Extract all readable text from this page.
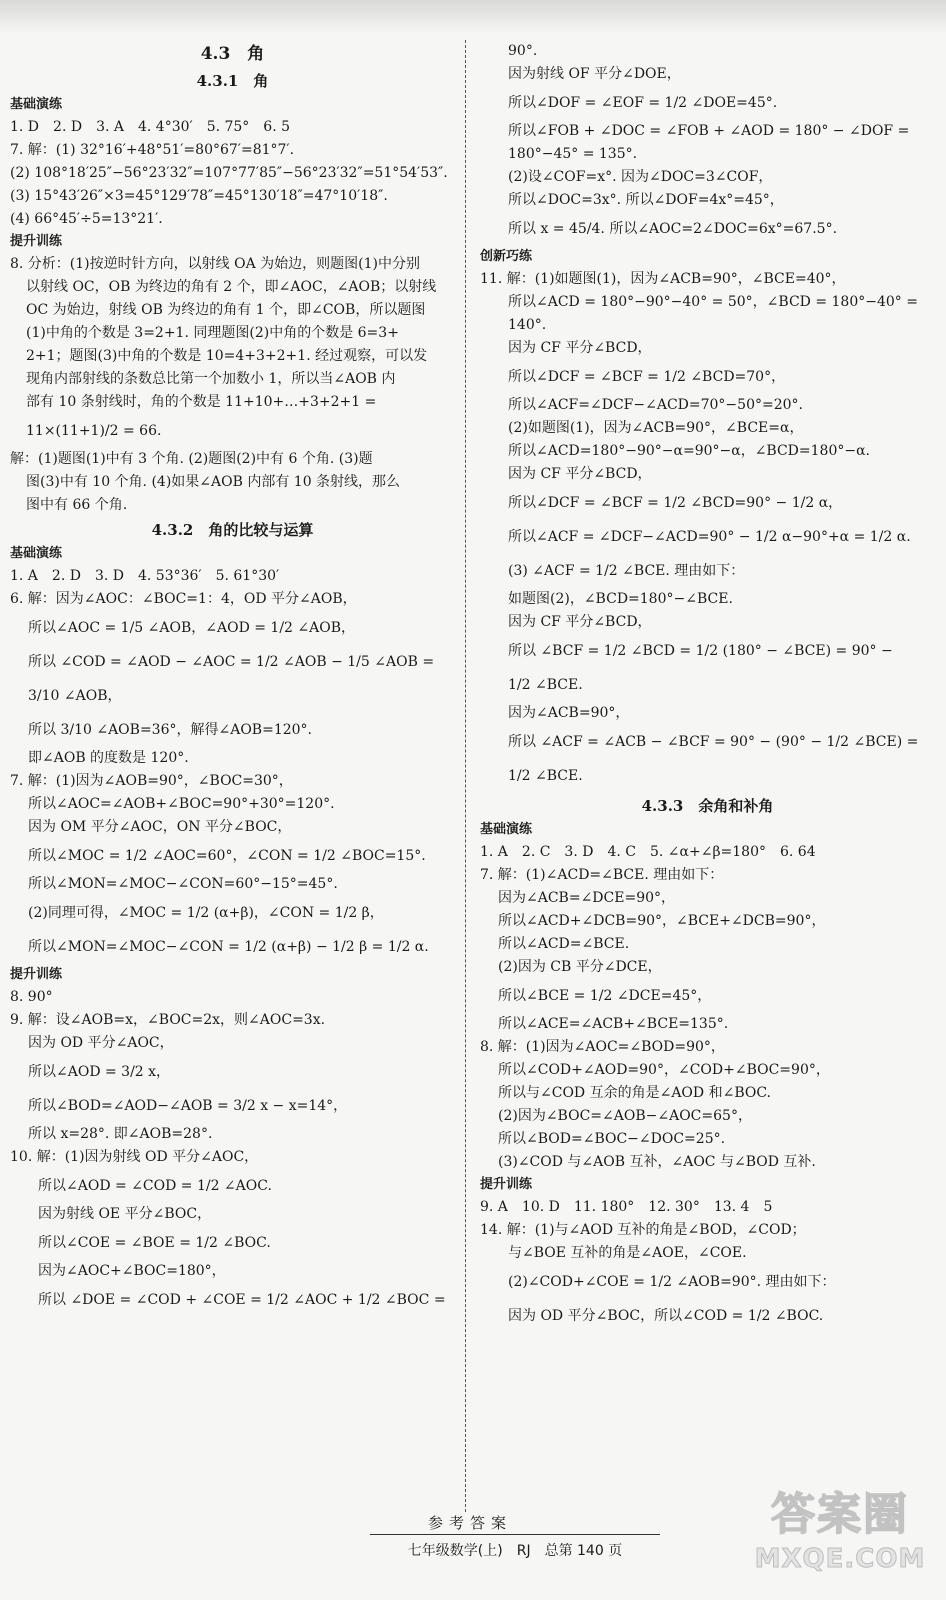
4.3　角
4.3.1　角
基础演练
1. D　2. D　3. A　4. 4°30′　5. 75°　6. 5
7. 解：(1) 32°16′+48°51′=80°67′=81°7′.
(2) 108°18′25″−56°23′32″=107°77′85″−56°23′32″=51°54′53″.
(3) 15°43′26″×3=45°129′78″=45°130′18″=47°10′18″.
(4) 66°45′÷5=13°21′.
提升训练
8. 分析：(1)按逆时针方向，以射线 OA 为始边，则题图(1)中分别
以射线 OC，OB 为终边的角有 2 个，即∠AOC，∠AOB；以射线
OC 为始边，射线 OB 为终边的角有 1 个，即∠COB，所以题图
(1)中角的个数是 3=2+1. 同理题图(2)中角的个数是 6=3+
2+1；题图(3)中角的个数是 10=4+3+2+1. 经过观察，可以发
现角内部射线的条数总比第一个加数小 1，所以当∠AOB 内
部有 10 条射线时，角的个数是 11+10+…+3+2+1 =
11×(11+1)/2 = 66.
解：(1)题图(1)中有 3 个角. (2)题图(2)中有 6 个角. (3)题
图(3)中有 10 个角. (4)如果∠AOB 内部有 10 条射线，那么
图中有 66 个角.
4.3.2　角的比较与运算
基础演练
1. A　2. D　3. D　4. 53°36′　5. 61°30′
6. 解：因为∠AOC：∠BOC=1：4，OD 平分∠AOB，
所以∠AOC = 1/5 ∠AOB，∠AOD = 1/2 ∠AOB，
所以 ∠COD = ∠AOD − ∠AOC = 1/2 ∠AOB − 1/5 ∠AOB =
3/10 ∠AOB，
所以 3/10 ∠AOB=36°，解得∠AOB=120°.
即∠AOB 的度数是 120°.
7. 解：(1)因为∠AOB=90°，∠BOC=30°，
所以∠AOC=∠AOB+∠BOC=90°+30°=120°.
因为 OM 平分∠AOC，ON 平分∠BOC，
所以∠MOC = 1/2 ∠AOC=60°，∠CON = 1/2 ∠BOC=15°.
所以∠MON=∠MOC−∠CON=60°−15°=45°.
(2)同理可得，∠MOC = 1/2 (α+β)，∠CON = 1/2 β，
所以∠MON=∠MOC−∠CON = 1/2 (α+β) − 1/2 β = 1/2 α.
提升训练
8. 90°
9. 解：设∠AOB=x，∠BOC=2x，则∠AOC=3x.
因为 OD 平分∠AOC，
所以∠AOD = 3/2 x，
所以∠BOD=∠AOD−∠AOB = 3/2 x − x=14°，
所以 x=28°. 即∠AOB=28°.
10. 解：(1)因为射线 OD 平分∠AOC，
所以∠AOD = ∠COD = 1/2 ∠AOC.
因为射线 OE 平分∠BOC，
所以∠COE = ∠BOE = 1/2 ∠BOC.
因为∠AOC+∠BOC=180°，
所以 ∠DOE = ∠COD + ∠COE = 1/2 ∠AOC + 1/2 ∠BOC =
90°.
因为射线 OF 平分∠DOE，
所以∠DOF = ∠EOF = 1/2 ∠DOE=45°.
所以∠FOB + ∠DOC = ∠FOB + ∠AOD = 180° − ∠DOF =
180°−45° = 135°.
(2)设∠COF=x°. 因为∠DOC=3∠COF，
所以∠DOC=3x°. 所以∠DOF=4x°=45°，
所以 x = 45/4. 所以∠AOC=2∠DOC=6x°=67.5°.
创新巧练
11. 解：(1)如题图(1)，因为∠ACB=90°，∠BCE=40°，
所以∠ACD = 180°−90°−40° = 50°，∠BCD = 180°−40° =
140°.
因为 CF 平分∠BCD，
所以∠DCF = ∠BCF = 1/2 ∠BCD=70°，
所以∠ACF=∠DCF−∠ACD=70°−50°=20°.
(2)如题图(1)，因为∠ACB=90°，∠BCE=α，
所以∠ACD=180°−90°−α=90°−α，∠BCD=180°−α.
因为 CF 平分∠BCD，
所以∠DCF = ∠BCF = 1/2 ∠BCD=90° − 1/2 α，
所以∠ACF = ∠DCF−∠ACD=90° − 1/2 α−90°+α = 1/2 α.
(3) ∠ACF = 1/2 ∠BCE. 理由如下：
如题图(2)，∠BCD=180°−∠BCE.
因为 CF 平分∠BCD，
所以 ∠BCF = 1/2 ∠BCD = 1/2 (180° − ∠BCE) = 90° −
1/2 ∠BCE.
因为∠ACB=90°，
所以 ∠ACF = ∠ACB − ∠BCF = 90° − (90° − 1/2 ∠BCE) =
1/2 ∠BCE.
4.3.3　余角和补角
基础演练
1. A　2. C　3. D　4. C　5. ∠α+∠β=180°　6. 64
7. 解：(1)∠ACD=∠BCE. 理由如下：
因为∠ACB=∠DCE=90°，
所以∠ACD+∠DCB=90°，∠BCE+∠DCB=90°，
所以∠ACD=∠BCE.
(2)因为 CB 平分∠DCE，
所以∠BCE = 1/2 ∠DCE=45°，
所以∠ACE=∠ACB+∠BCE=135°.
8. 解：(1)因为∠AOC=∠BOD=90°，
所以∠COD+∠AOD=90°，∠COD+∠BOC=90°，
所以与∠COD 互余的角是∠AOD 和∠BOC.
(2)因为∠BOC=∠AOB−∠AOC=65°，
所以∠BOD=∠BOC−∠DOC=25°.
(3)∠COD 与∠AOB 互补，∠AOC 与∠BOD 互补.
提升训练
9. A　10. D　11. 180°　12. 30°　13. 4　5
14. 解：(1)与∠AOD 互补的角是∠BOD，∠COD；
与∠BOE 互补的角是∠AOE，∠COE.
(2)∠COD+∠COE = 1/2 ∠AOB=90°. 理由如下：
因为 OD 平分∠BOC，所以∠COD = 1/2 ∠BOC.
参考答案
七年级数学(上)　RJ　总第 140 页
答案圈
MXQE.COM
